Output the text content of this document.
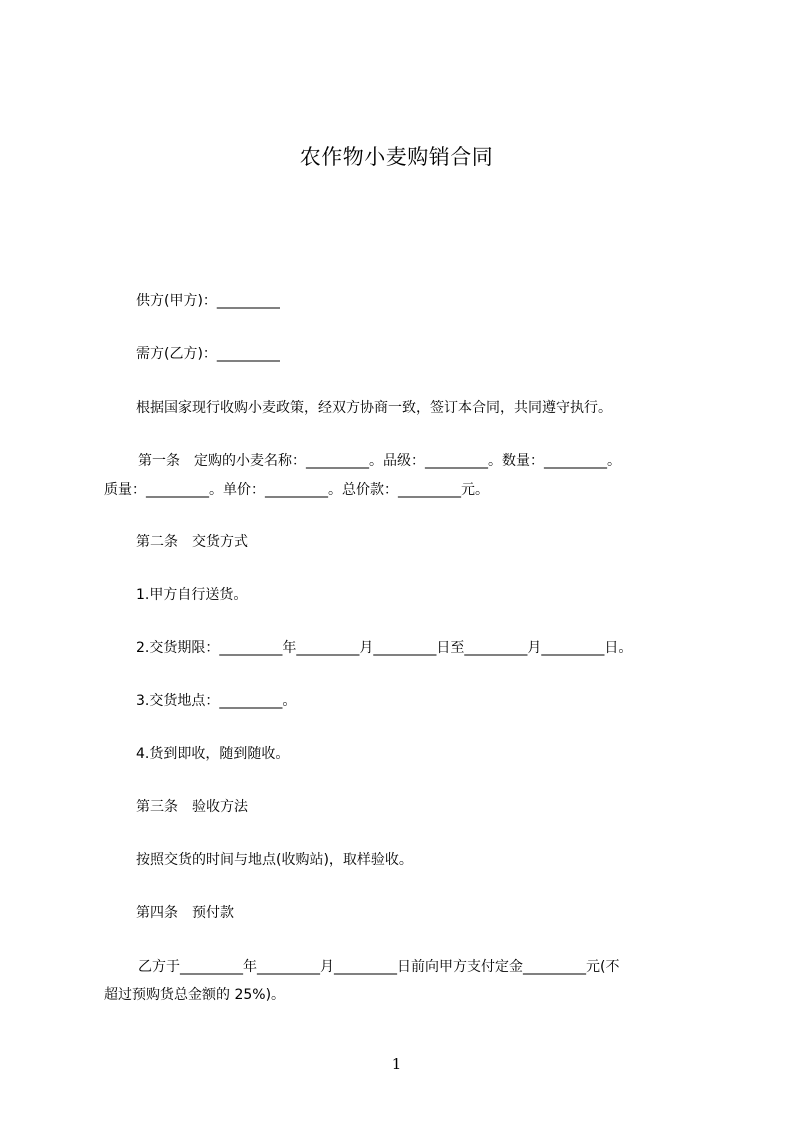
农作物小麦购销合同
供方(甲方)：_________
需方(乙方)：_________
根据国家现行收购小麦政策，经双方协商一致，签订本合同，共同遵守执行。
第一条　定购的小麦名称：_________。品级：_________。数量：_________。
质量：_________。单价：_________。总价款：_________元。
第二条　交货方式
1.甲方自行送货。
2.交货期限：_________年_________月_________日至_________月_________日。
3.交货地点：_________。
4.货到即收，随到随收。
第三条　验收方法
按照交货的时间与地点(收购站)，取样验收。
第四条　预付款
乙方于_________年_________月_________日前向甲方支付定金_________元(不
超过预购货总金额的 25%)。
1
